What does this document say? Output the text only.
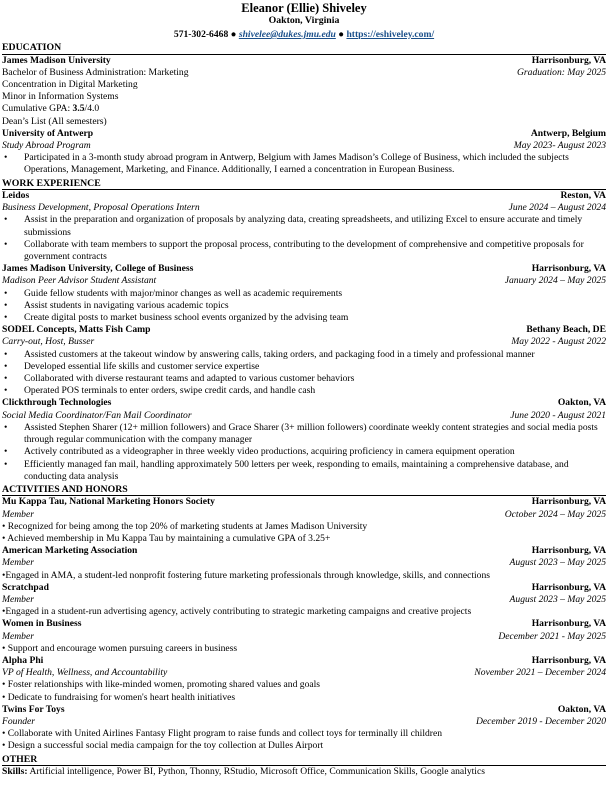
Eleanor (Ellie) Shiveley
Oakton, Virginia
571-302-6468 ● shivelee@dukes.jmu.edu ● https://eshiveley.com/
EDUCATION
James Madison University	Harrisonburg, VA
Bachelor of Business Administration: Marketing	Graduation: May 2025
Concentration in Digital Marketing
Minor in Information Systems
Cumulative GPA: 3.5/4.0
Dean’s List (All semesters)
University of Antwerp	Antwerp, Belgium
Study Abroad Program	May 2023- August 2023
• Participated in a 3-month study abroad program in Antwerp, Belgium with James Madison’s College of Business, which included the subjects Operations, Management, Marketing, and Finance. Additionally, I earned a concentration in European Business.
WORK EXPERIENCE
Leidos	Reston, VA
Business Development, Proposal Operations Intern	June 2024 – August 2024
• Assist in the preparation and organization of proposals by analyzing data, creating spreadsheets, and utilizing Excel to ensure accurate and timely submissions
• Collaborate with team members to support the proposal process, contributing to the development of comprehensive and competitive proposals for government contracts
James Madison University, College of Business	Harrisonburg, VA
Madison Peer Advisor Student Assistant	January 2024 – May 2025
• Guide fellow students with major/minor changes as well as academic requirements
• Assist students in navigating various academic topics
• Create digital posts to market business school events organized by the advising team
SODEL Concepts, Matts Fish Camp	Bethany Beach, DE
Carry-out, Host, Busser	May 2022 - August 2022
• Assisted customers at the takeout window by answering calls, taking orders, and packaging food in a timely and professional manner
• Developed essential life skills and customer service expertise
• Collaborated with diverse restaurant teams and adapted to various customer behaviors
• Operated POS terminals to enter orders, swipe credit cards, and handle cash
Clickthrough Technologies	Oakton, VA
Social Media Coordinator/Fan Mail Coordinator	June 2020 - August 2021
• Assisted Stephen Sharer (12+ million followers) and Grace Sharer (3+ million followers) coordinate weekly content strategies and social media posts through regular communication with the company manager
• Actively contributed as a videographer in three weekly video productions, acquiring proficiency in camera equipment operation
• Efficiently managed fan mail, handling approximately 500 letters per week, responding to emails, maintaining a comprehensive database, and conducting data analysis
ACTIVITIES AND HONORS
Mu Kappa Tau, National Marketing Honors Society	Harrisonburg, VA
Member	October 2024 – May 2025
• Recognized for being among the top 20% of marketing students at James Madison University
• Achieved membership in Mu Kappa Tau by maintaining a cumulative GPA of 3.25+
American Marketing Association	Harrisonburg, VA
Member	August 2023 – May 2025
•Engaged in AMA, a student-led nonprofit fostering future marketing professionals through knowledge, skills, and connections
Scratchpad	Harrisonburg, VA
Member	August 2023 – May 2025
•Engaged in a student-run advertising agency, actively contributing to strategic marketing campaigns and creative projects
Women in Business	Harrisonburg, VA
Member	December 2021 - May 2025
• Support and encourage women pursuing careers in business
Alpha Phi	Harrisonburg, VA
VP of Health, Wellness, and Accountability	November 2021 – December 2024
• Foster relationships with like-minded women, promoting shared values and goals
• Dedicate to fundraising for women's heart health initiatives
Twins For Toys	Oakton, VA
Founder	December 2019 - December 2020
• Collaborate with United Airlines Fantasy Flight program to raise funds and collect toys for terminally ill children
• Design a successful social media campaign for the toy collection at Dulles Airport
OTHER
Skills: Artificial intelligence, Power BI, Python, Thonny, RStudio, Microsoft Office, Communication Skills, Google analytics
